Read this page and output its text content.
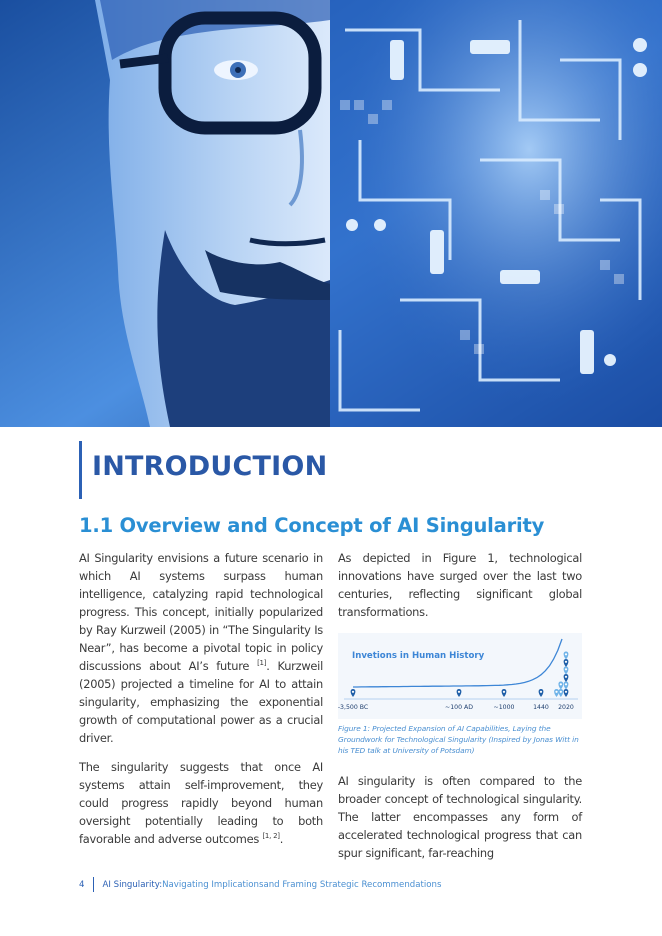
INTRODUCTION
1.1 Overview and Concept of AI Singularity

AI Singularity envisions a future scenario in which AI systems surpass human intelligence, catalyzing rapid technological progress. This concept, initially popularized by Ray Kurzweil (2005) in “The Singularity Is Near”, has become a pivotal topic in policy discussions about AI’s future [1]. Kurzweil (2005) projected a timeline for AI to attain singularity, emphasizing the exponential growth of computational power as a crucial driver.

The singularity suggests that once AI systems attain self-improvement, they could progress rapidly beyond human oversight potentially leading to both favorable and adverse outcomes [1, 2].

As depicted in Figure 1, technological innovations have surged over the last two centuries, reflecting significant global transformations.

Invetions in Human History
-3,500 BC	~100 AD	~1000	1440 2020

Figure 1: Projected Expansion of AI Capabilities, Laying the Groundwork for Technological Singularity (Inspired by Jonas Witt in his TED talk at University of Potsdam)

AI singularity is often compared to the broader concept of technological singularity. The latter encompasses any form of accelerated technological progress that can spur significant, far-reaching

4 AI Singularity: Navigating Implicationsand Framing Strategic Recommendations
